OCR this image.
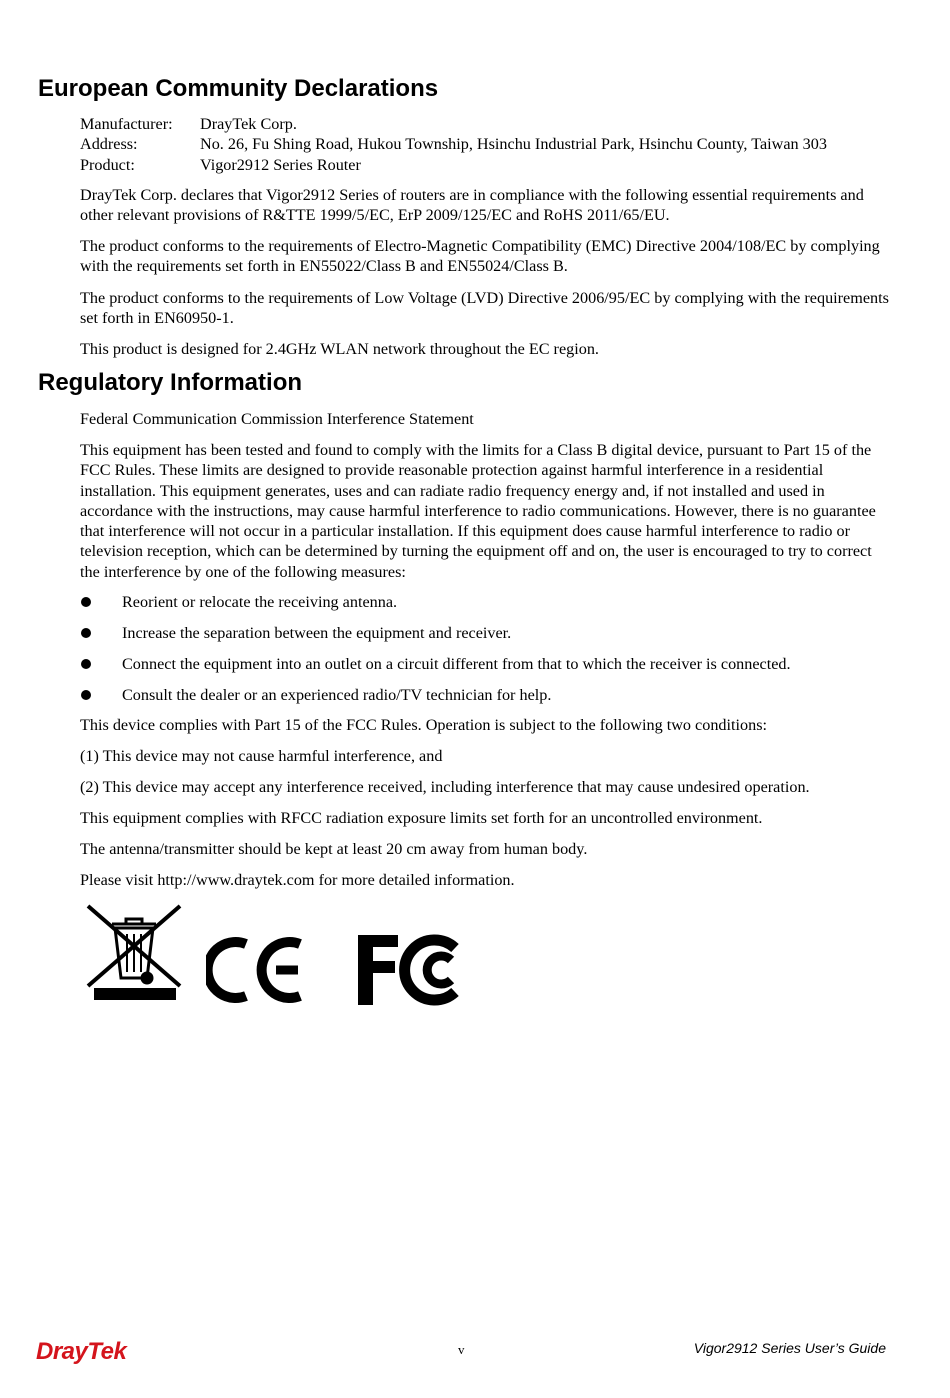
European Community Declarations
Manufacturer: DrayTek Corp.
Address:	No. 26, Fu Shing Road, Hukou Township, Hsinchu Industrial Park, Hsinchu County, Taiwan 303
Product:	Vigor2912 Series Router

DrayTek Corp. declares that Vigor2912 Series of routers are in compliance with the following essential requirements and other relevant provisions of R&TTE 1999/5/EC, ErP 2009/125/EC and RoHS 2011/65/EU.

The product conforms to the requirements of Electro-Magnetic Compatibility (EMC) Directive 2004/108/EC by complying with the requirements set forth in EN55022/Class B and EN55024/Class B.

The product conforms to the requirements of Low Voltage (LVD) Directive 2006/95/EC by complying with the requirements set forth in EN60950-1.

This product is designed for 2.4GHz WLAN network throughout the EC region.

Regulatory Information

Federal Communication Commission Interference Statement

This equipment has been tested and found to comply with the limits for a Class B digital device, pursuant to Part 15 of the FCC Rules. These limits are designed to provide reasonable protection against harmful interference in a residential installation. This equipment generates, uses and can radiate radio frequency energy and, if not installed and used in accordance with the instructions, may cause harmful interference to radio communications. However, there is no guarantee that interference will not occur in a particular installation. If this equipment does cause harmful interference to radio or television reception, which can be determined by turning the equipment off and on, the user is encouraged to try to correct the interference by one of the following measures:

Reorient or relocate the receiving antenna.
Increase the separation between the equipment and receiver.
Connect the equipment into an outlet on a circuit different from that to which the receiver is connected.
Consult the dealer or an experienced radio/TV technician for help.

This device complies with Part 15 of the FCC Rules. Operation is subject to the following two conditions:

(1) This device may not cause harmful interference, and

(2) This device may accept any interference received, including interference that may cause undesired operation.

This equipment complies with RFCC radiation exposure limits set forth for an uncontrolled environment.

The antenna/transmitter should be kept at least 20 cm away from human body.

Please visit http://www.draytek.com for more detailed information.

DrayTek	v	Vigor2912 Series User’s Guide
